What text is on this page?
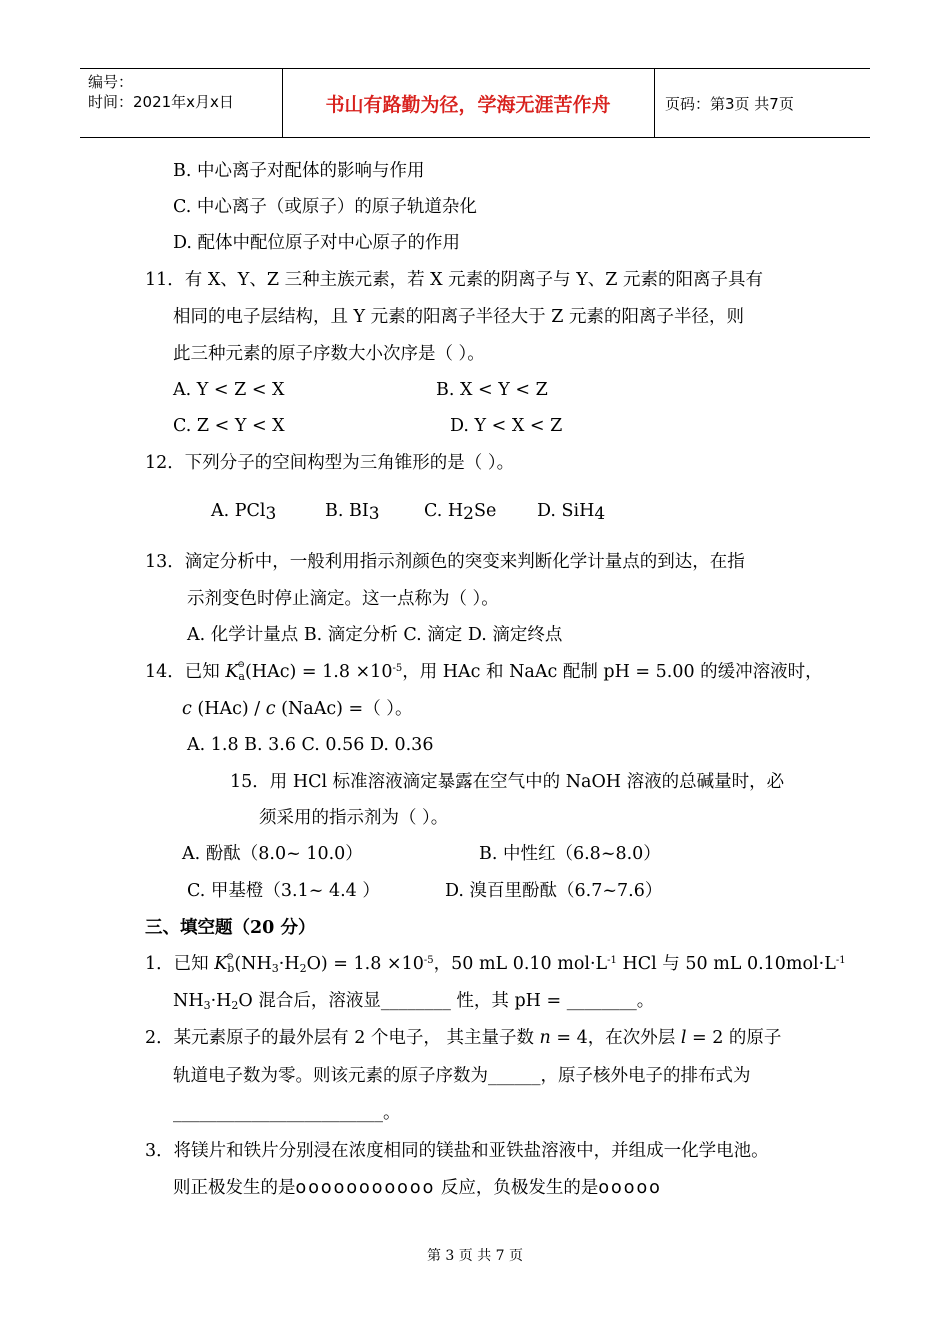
编号：
时间：2021年x月x日	书山有路勤为径，学海无涯苦作舟	页码：第3页 共7页
B. 中心离子对配体的影响与作用
C. 中心离子（或原子）的原子轨道杂化
D. 配体中配位原子对中心原子的作用
11．有 X、Y、Z 三种主族元素，若 X 元素的阴离子与 Y、Z 元素的阳离子具有
相同的电子层结构，且 Y 元素的阳离子半径大于 Z 元素的阳离子半径，则
此三种元素的原子序数大小次序是（ ）。
A. Y < Z < X	B. X < Y < Z
C. Z < Y < X	D. Y < X < Z
12．下列分子的空间构型为三角锥形的是（ ）。
A. PCl3	B. BI3	C. H2Se D. SiH4
13．滴定分析中，一般利用指示剂颜色的突变来判断化学计量点的到达，在指
示剂变色时停止滴定。这一点称为（ ）。
A. 化学计量点 B. 滴定分析 C. 滴定 D. 滴定终点
14．已知 K
⊖
$_a(HAc) = 1.8 \times 10^{-5}$，用 HAc 和 NaAc 配制 pH = 5.00 的缓冲溶液时，
c (HAc) / c (NaAc) =（ ）。
A. 1.8 B. 3.6 C. 0.56 D. 0.36
15．用 HCl 标准溶液滴定暴露在空气中的 NaOH 溶液的总碱量时，必
须采用的指示剂为（ ）。
A. 酚酞（8.0~ 10.0）	B. 中性红（6.8~8.0）
C. 甲基橙（3.1~ 4.4 ）	D. 溴百里酚酞（6.7~7.6）
三、填空题（20 分）
1．已知 K
⊖
$_b(NH_3\cdot H_2O) = 1.8 \times 10^{-5}$，50 mL 0.10 $mol\cdot L^{-1}$ HCl 与 50 mL $0.10mol\cdot L^{-1}$
$NH_3\cdot H_2O$ 混合后，溶液显________ 性，其 pH = ________。
2．某元素原子的最外层有 2 个电子， 其主量子数 n = 4，在次外层 l = 2 的原子
轨道电子数为零。则该元素的原子序数为______，原子核外电子的排布式为
________________________。
3．将镁片和铁片分别浸在浓度相同的镁盐和亚铁盐溶液中，并组成一化学电池。
则正极发生的是ooooooooooo 反应，负极发生的是ooooo
第 3 页 共 7 页
